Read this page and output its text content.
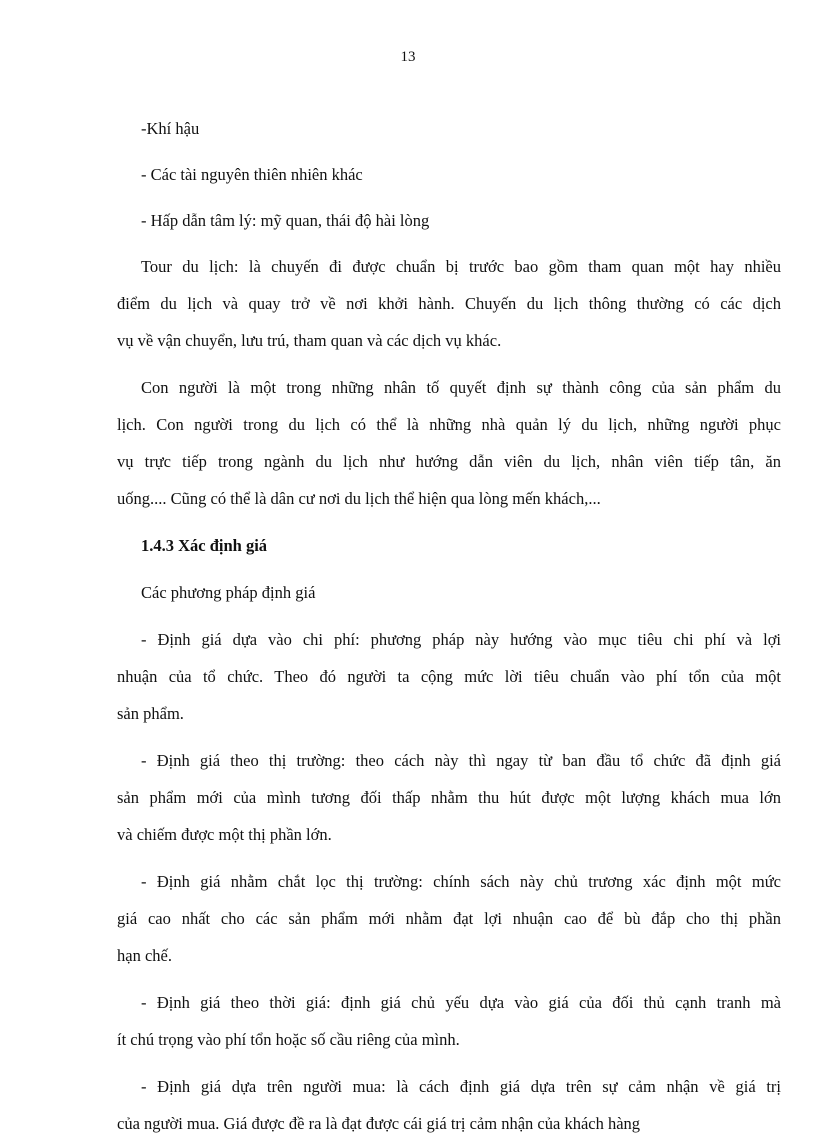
13
-Khí hậu
- Các tài nguyên thiên nhiên khác
- Hấp dẫn tâm lý: mỹ quan, thái độ hài lòng
Tour du lịch: là chuyến đi được chuẩn bị trước bao gồm tham quan một hay nhiều
điểm du lịch và quay trở về nơi khởi hành. Chuyến du lịch thông thường có các dịch
vụ về vận chuyển, lưu trú, tham quan và các dịch vụ khác.
Con người là một trong những nhân tố quyết định sự thành công của sản phẩm du
lịch. Con người trong du lịch có thể là những nhà quản lý du lịch, những người phục
vụ trực tiếp trong ngành du lịch như hướng dẫn viên du lịch, nhân viên tiếp tân, ăn
uống.... Cũng có thể là dân cư nơi du lịch thể hiện qua lòng mến khách,...
1.4.3 Xác định giá
Các phương pháp định giá
- Định giá dựa vào chi phí: phương pháp này hướng vào mục tiêu chi phí và lợi
nhuận của tổ chức. Theo đó người ta cộng mức lời tiêu chuẩn vào phí tổn của một
sản phẩm.
- Định giá theo thị trường: theo cách này thì ngay từ ban đầu tổ chức đã định giá
sản phẩm mới của mình tương đối thấp nhằm thu hút được một lượng khách mua lớn
và chiếm được một thị phần lớn.
- Định giá nhằm chắt lọc thị trường: chính sách này chủ trương xác định một mức
giá cao nhất cho các sản phẩm mới nhằm đạt lợi nhuận cao để bù đắp cho thị phần
hạn chế.
- Định giá theo thời giá: định giá chủ yếu dựa vào giá của đối thủ cạnh tranh mà
ít chú trọng vào phí tổn hoặc số cầu riêng của mình.
- Định giá dựa trên người mua: là cách định giá dựa trên sự cảm nhận về giá trị
của người mua. Giá được đề ra là đạt được cái giá trị cảm nhận của khách hàng
